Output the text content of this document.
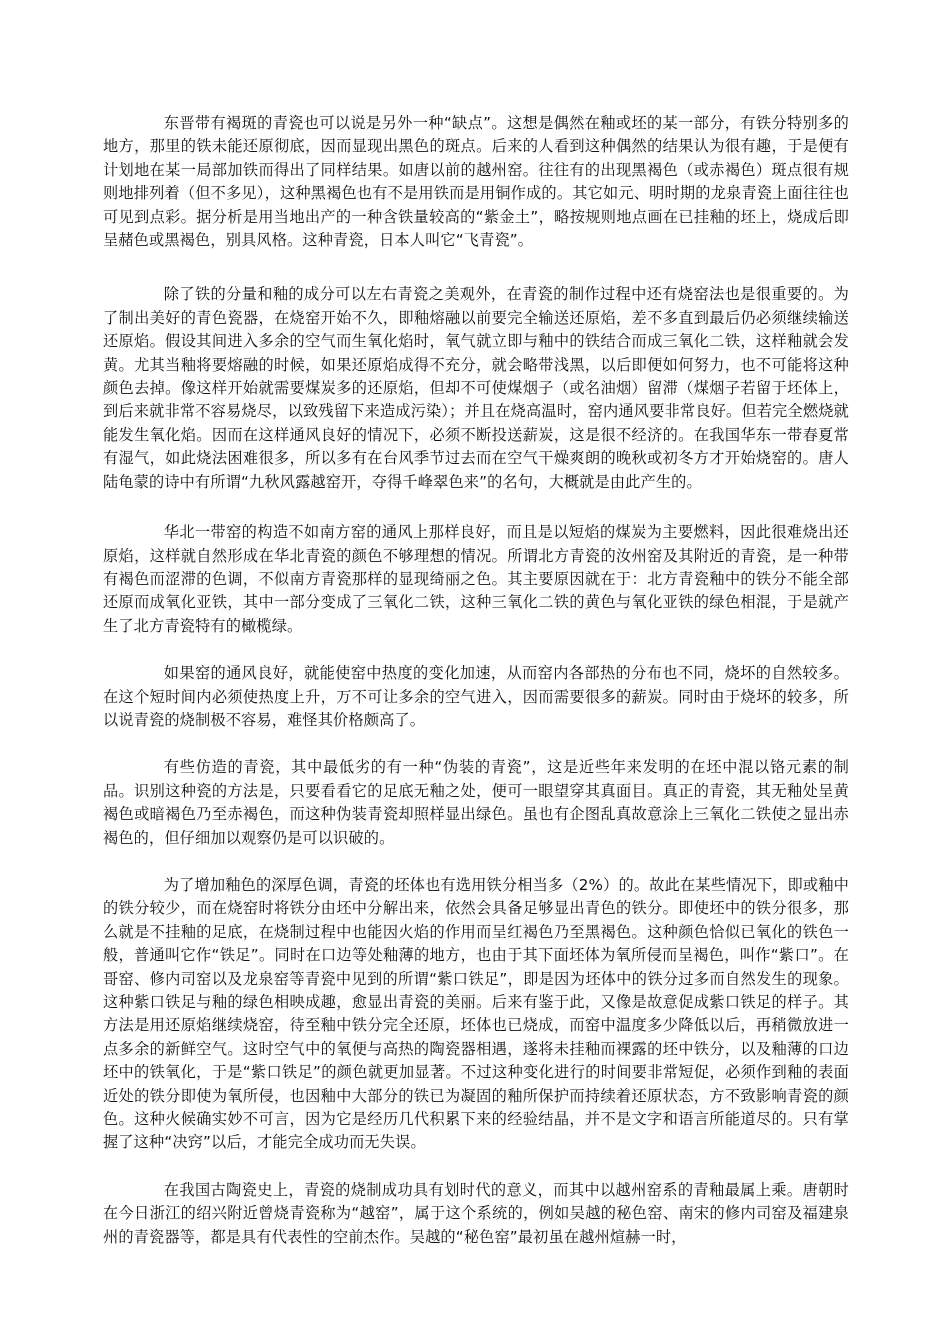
东晋带有褐斑的青瓷也可以说是另外一种“缺点”。这想是偶然在釉或坯的某一部分，有铁分特别多的地方，那里的铁未能还原彻底，因而显现出黑色的斑点。后来的人看到这种偶然的结果认为很有趣，于是便有计划地在某一局部加铁而得出了同样结果。如唐以前的越州窑。往往有的出现黑褐色（或赤褐色）斑点很有规则地排列着（但不多见），这种黑褐色也有不是用铁而是用铜作成的。其它如元、明时期的龙泉青瓷上面往往也可见到点彩。据分析是用当地出产的一种含铁量较高的“紫金土”，略按规则地点画在已挂釉的坯上，烧成后即呈赭色或黑褐色，别具风格。这种青瓷，日本人叫它“飞青瓷”。

除了铁的分量和釉的成分可以左右青瓷之美观外，在青瓷的制作过程中还有烧窑法也是很重要的。为了制出美好的青色瓷器，在烧窑开始不久，即釉熔融以前要完全输送还原焰，差不多直到最后仍必须继续输送还原焰。假设其间进入多余的空气而生氧化焰时，氧气就立即与釉中的铁结合而成三氧化二铁，这样釉就会发黄。尤其当釉将要熔融的时候，如果还原焰成得不充分，就会略带浅黑，以后即便如何努力，也不可能将这种颜色去掉。像这样开始就需要煤炭多的还原焰，但却不可使煤烟子（或名油烟）留滞（煤烟子若留于坯体上，到后来就非常不容易烧尽，以致残留下来造成污染）；并且在烧高温时，窑内通风要非常良好。但若完全燃烧就能发生氧化焰。因而在这样通风良好的情况下，必须不断投送薪炭，这是很不经济的。在我国华东一带春夏常有湿气，如此烧法困难很多，所以多有在台风季节过去而在空气干燥爽朗的晚秋或初冬方才开始烧窑的。唐人陆龟蒙的诗中有所谓“九秋风露越窑开，夺得千峰翠色来”的名句，大概就是由此产生的。

华北一带窑的构造不如南方窑的通风上那样良好，而且是以短焰的煤炭为主要燃料，因此很难烧出还原焰，这样就自然形成在华北青瓷的颜色不够理想的情况。所谓北方青瓷的汝州窑及其附近的青瓷，是一种带有褐色而涩滞的色调，不似南方青瓷那样的显现绮丽之色。其主要原因就在于：北方青瓷釉中的铁分不能全部还原而成氧化亚铁，其中一部分变成了三氧化二铁，这种三氧化二铁的黄色与氧化亚铁的绿色相混，于是就产生了北方青瓷特有的橄榄绿。

如果窑的通风良好，就能使窑中热度的变化加速，从而窑内各部热的分布也不同，烧坏的自然较多。在这个短时间内必须使热度上升，万不可让多余的空气进入，因而需要很多的薪炭。同时由于烧坏的较多，所以说青瓷的烧制极不容易，难怪其价格颇高了。

有些仿造的青瓷，其中最低劣的有一种“伪装的青瓷”，这是近些年来发明的在坯中混以铬元素的制品。识别这种瓷的方法是，只要看看它的足底无釉之处，便可一眼望穿其真面目。真正的青瓷，其无釉处呈黄褐色或暗褐色乃至赤褐色，而这种伪装青瓷却照样显出绿色。虽也有企图乱真故意涂上三氧化二铁使之显出赤褐色的，但仔细加以观察仍是可以识破的。

为了增加釉色的深厚色调，青瓷的坯体也有选用铁分相当多（2%）的。故此在某些情况下，即或釉中的铁分较少，而在烧窑时将铁分由坯中分解出来，依然会具备足够显出青色的铁分。即使坯中的铁分很多，那么就是不挂釉的足底，在烧制过程中也能因火焰的作用而呈红褐色乃至黑褐色。这种颜色恰似已氧化的铁色一般，普通叫它作“铁足”。同时在口边等处釉薄的地方，也由于其下面坯体为氧所侵而呈褐色，叫作“紫口”。在哥窑、修内司窑以及龙泉窑等青瓷中见到的所谓“紫口铁足”，即是因为坯体中的铁分过多而自然发生的现象。这种紫口铁足与釉的绿色相映成趣，愈显出青瓷的美丽。后来有鉴于此，又像是故意促成紫口铁足的样子。其方法是用还原焰继续烧窑，待至釉中铁分完全还原，坯体也已烧成，而窑中温度多少降低以后，再稍微放进一点多余的新鲜空气。这时空气中的氧便与高热的陶瓷器相遇，遂将未挂釉而裸露的坯中铁分，以及釉薄的口边坯中的铁氧化，于是“紫口铁足”的颜色就更加显著。不过这种变化进行的时间要非常短促，必须作到釉的表面近处的铁分即使为氧所侵，也因釉中大部分的铁已为凝固的釉所保护而持续着还原状态，方不致影响青瓷的颜色。这种火候确实妙不可言，因为它是经历几代积累下来的经验结晶，并不是文字和语言所能道尽的。只有掌握了这种“决窍”以后，才能完全成功而无失误。

在我国古陶瓷史上，青瓷的烧制成功具有划时代的意义，而其中以越州窑系的青釉最属上乘。唐朝时在今日浙江的绍兴附近曾烧青瓷称为“越窑”，属于这个系统的，例如吴越的秘色窑、南宋的修内司窑及福建泉州的青瓷器等，都是具有代表性的空前杰作。吴越的“秘色窑”最初虽在越州煊赫一时，
